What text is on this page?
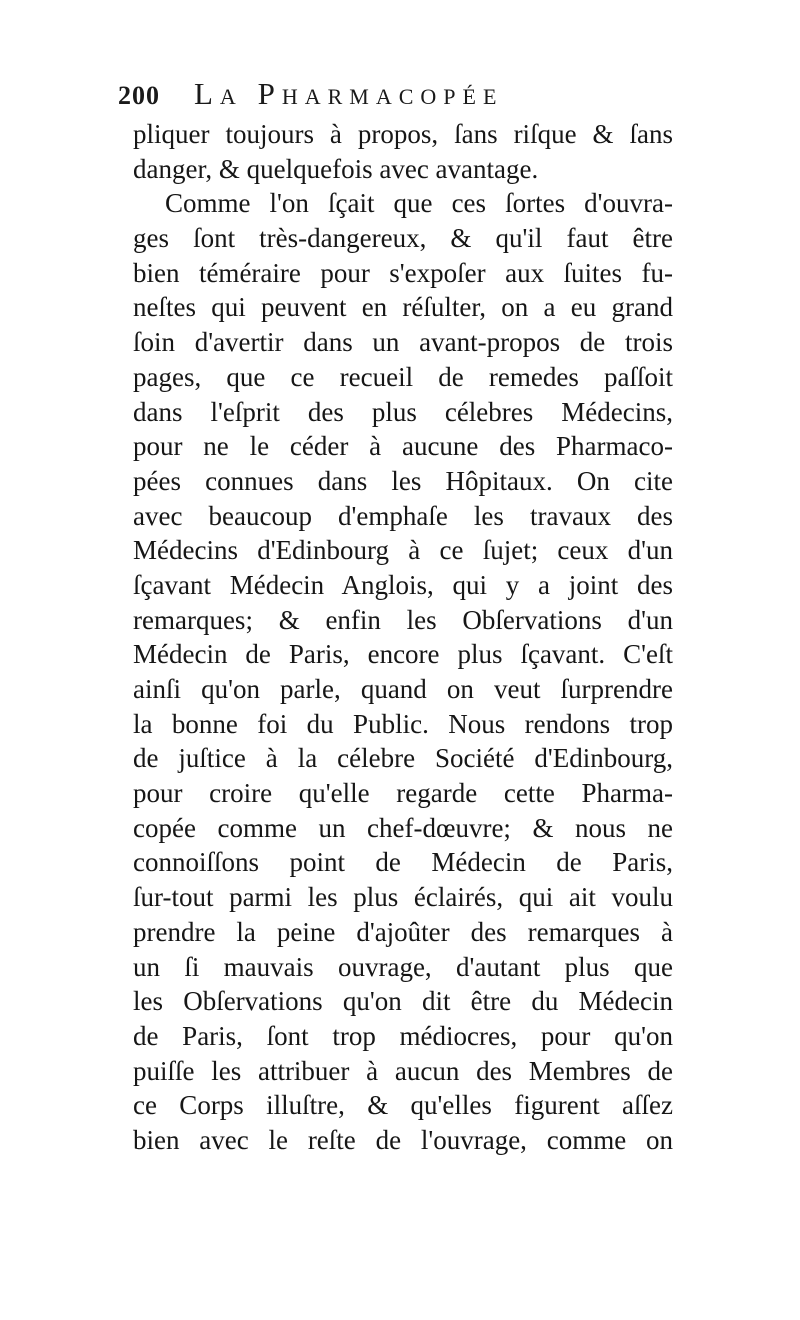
200 La Pharmacopée
pliquer toujours à propos, ſans riſque & ſans
danger, & quelquefois avec avantage.
Comme l'on ſçait que ces ſortes d'ouvra-
ges ſont très-dangereux, & qu'il faut être
bien téméraire pour s'expoſer aux ſuites fu-
neſtes qui peuvent en réſulter, on a eu grand
ſoin d'avertir dans un avant-propos de trois
pages, que ce recueil de remedes paſſoit
dans l'eſprit des plus célebres Médecins,
pour ne le céder à aucune des Pharmaco-
pées connues dans les Hôpitaux. On cite
avec beaucoup d'emphaſe les travaux des
Médecins d'Edinbourg à ce ſujet; ceux d'un
ſçavant Médecin Anglois, qui y a joint des
remarques; & enfin les Obſervations d'un
Médecin de Paris, encore plus ſçavant. C'eſt
ainſi qu'on parle, quand on veut ſurprendre
la bonne foi du Public. Nous rendons trop
de juſtice à la célebre Société d'Edinbourg,
pour croire qu'elle regarde cette Pharma-
copée comme un chef-dœuvre; & nous ne
connoiſſons point de Médecin de Paris,
ſur-tout parmi les plus éclairés, qui ait voulu
prendre la peine d'ajoûter des remarques à
un ſi mauvais ouvrage, d'autant plus que
les Obſervations qu'on dit être du Médecin
de Paris, ſont trop médiocres, pour qu'on
puiſſe les attribuer à aucun des Membres de
ce Corps illuſtre, & qu'elles figurent aſſez
bien avec le reſte de l'ouvrage, comme on
